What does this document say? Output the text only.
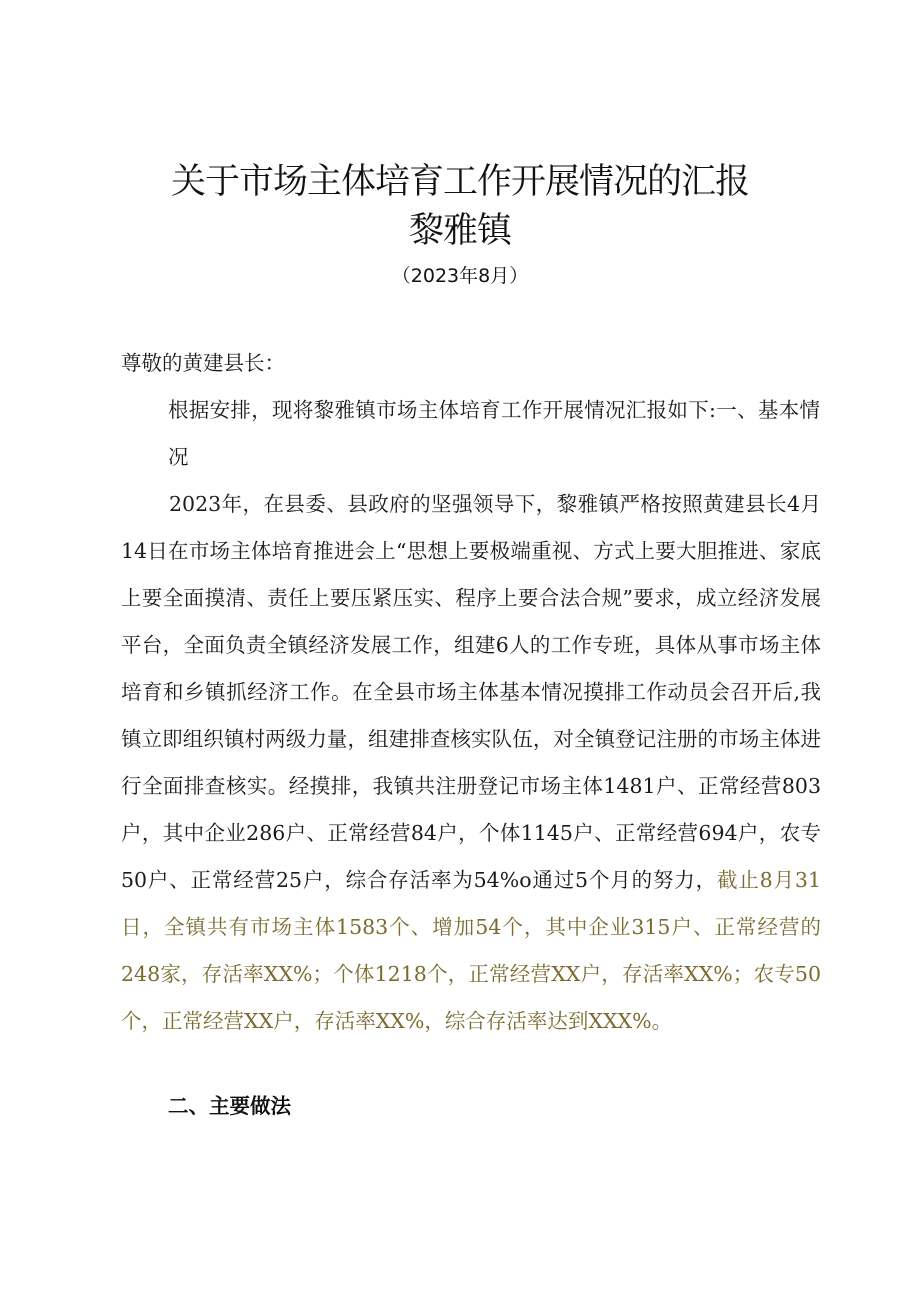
关于市场主体培育工作开展情况的汇报
黎雅镇
（2023年8月）
尊敬的黄建县长：
根据安排，现将黎雅镇市场主体培育工作开展情况汇报如下:一、基本情况
2023年，在县委、县政府的坚强领导下，黎雅镇严格按照黄建县长4月14日在市场主体培育推进会上“思想上要极端重视、方式上要大胆推进、家底上要全面摸清、责任上要压紧压实、程序上要合法合规”要求，成立经济发展平台，全面负责全镇经济发展工作，组建6人的工作专班，具体从事市场主体培育和乡镇抓经济工作。在全县市场主体基本情况摸排工作动员会召开后,我镇立即组织镇村两级力量，组建排查核实队伍，对全镇登记注册的市场主体进行全面排查核实。经摸排，我镇共注册登记市场主体1481户、正常经营803户，其中企业286户、正常经营84户，个体1145户、正常经营694户，农专50户、正常经营25户，综合存活率为54%o通过5个月的努力，截止8月31日，全镇共有市场主体1583个、增加54个，其中企业315户、正常经营的248家，存活率XX%；个体1218个，正常经营XX户，存活率XX%；农专50个，正常经营XX户，存活率XX%，综合存活率达到XXX%。
二、主要做法
